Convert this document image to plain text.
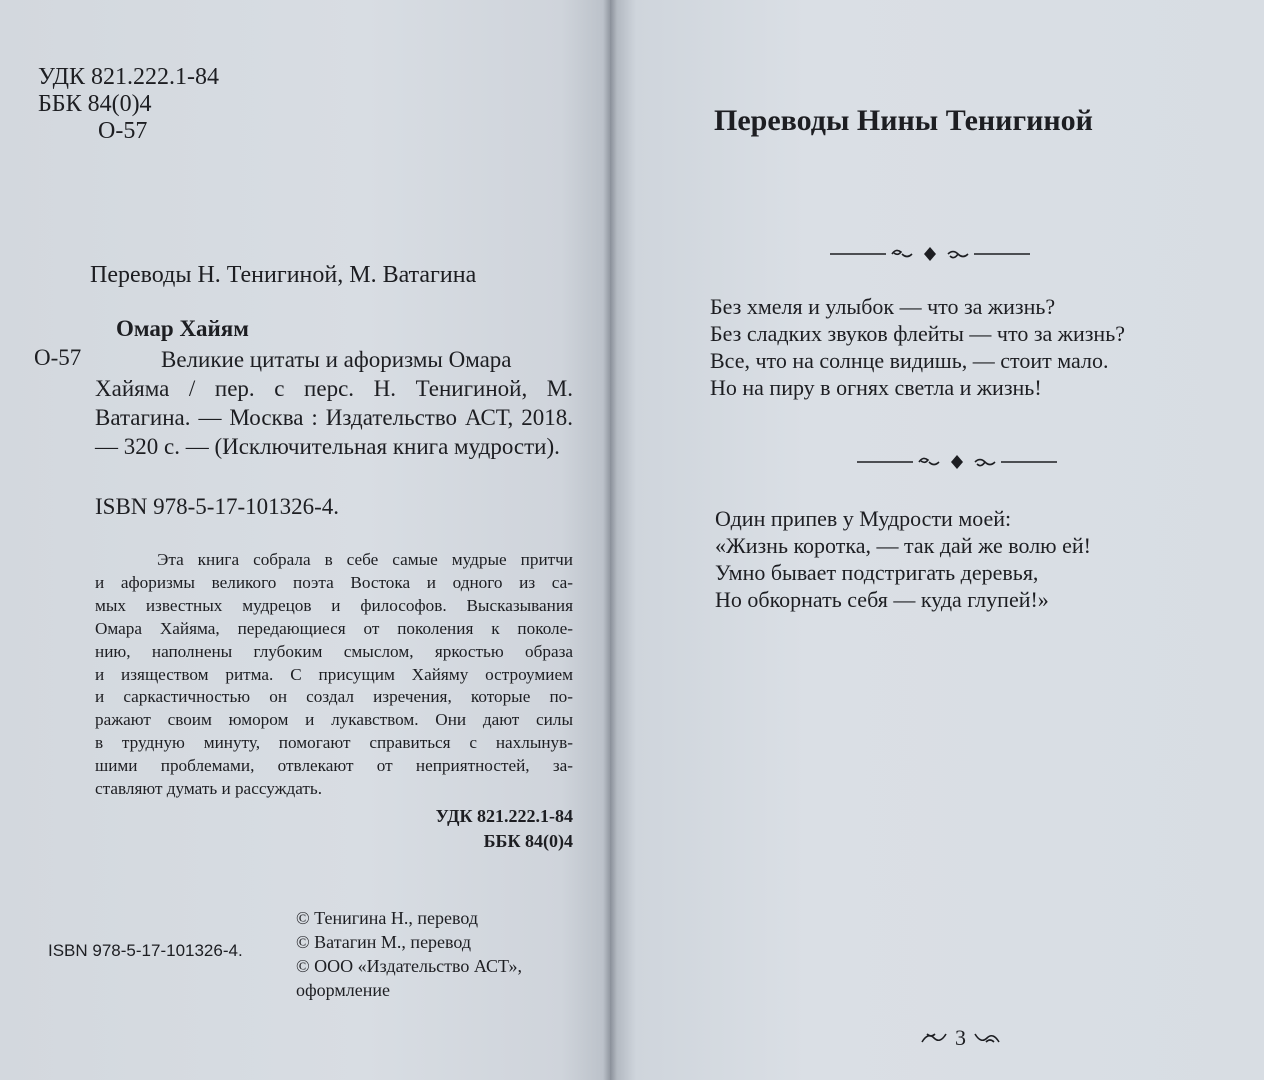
УДК 821.222.1-84
ББК 84(0)4
О-57
Переводы Н. Тенигиной, М. Ватагина
Омар Хайям
О-57	Великие цитаты и афоризмы Омара
Хайяма / пер. с перс. Н. Тенигиной, М. Ватагина. — Москва : Издательство АСТ, 2018. — 320 с. — (Исключительная книга мудрости).
ISBN 978-5-17-101326-4.
Эта книга собрала в себе самые мудрые притчи
и афоризмы великого поэта Востока и одного из са-
мых известных мудрецов и философов. Высказывания
Омара Хайяма, передающиеся от поколения к поколе-
нию, наполнены глубоким смыслом, яркостью образа
и изяществом ритма. С присущим Хайяму остроумием
и саркастичностью он создал изречения, которые по-
ражают своим юмором и лукавством. Они дают силы
в трудную минуту, помогают справиться с нахлынув-
шими проблемами, отвлекают от неприятностей, за-
ставляют думать и рассуждать.
УДК 821.222.1-84
ББК 84(0)4
ISBN 978-5-17-101326-4.
© Тенигина Н., перевод
© Ватагин М., перевод
© ООО «Издательство АСТ»,
оформление
Переводы Нины Тенигиной
Без хмеля и улыбок — что за жизнь?
Без сладких звуков флейты — что за жизнь?
Все, что на солнце видишь, — стоит мало.
Но на пиру в огнях светла и жизнь!
Один припев у Мудрости моей:
«Жизнь коротка, — так дай же волю ей!
Умно бывает подстригать деревья,
Но обкорнать себя — куда глупей!»
3
